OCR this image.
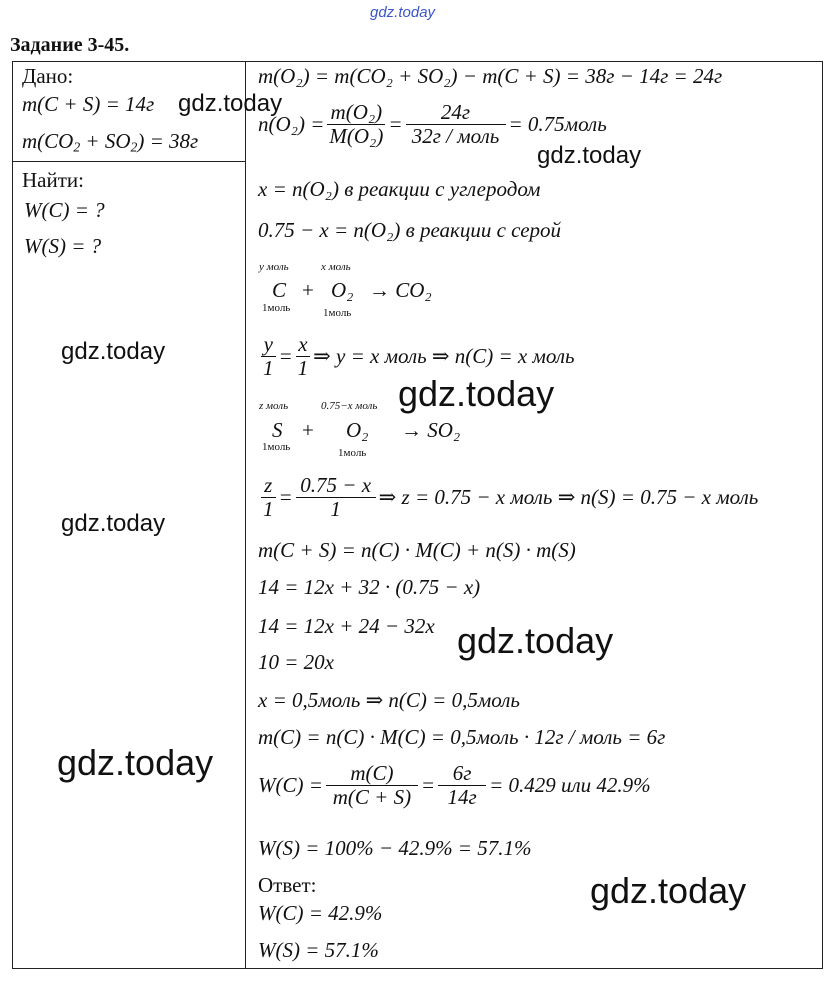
gdz.today
Задание 3-45.
Дано:
m(C + S) = 14г
$m(CO_2 + SO_2) = 38г$
Найти:
W(C) = ?
W(S) = ?
gdz.today
gdz.today
gdz.today
gdz.today
gdz.today
gdz.today
gdz.today
gdz.today
m(O₂) = m(CO₂ + SO₂) − m(C + S) = 38г − 14г = 24г
$n(O_2) = \frac{\text{m(O₂)}}{\text{M(O₂)}} = \frac{24г}{\text{32г / моль}}$ = 0.75моль
x = n(O₂) в реакции с углеродом
0.75 − x = n(O₂) в реакции с серой
y моль	x моль
C + O₂ → CO₂
1моль	1моль
$\frac{y}{1} = \frac{x}{1}$ ⇒ y = x моль ⇒ n(C) = x моль
z моль	0.75−x моль
S + O₂ → SO₂
1моль	1моль
$\frac{z}{1} = \frac{0.75 - x}{1}$ ⇒ z = 0.75 − x моль ⇒ n(S) = 0.75 − x моль
m(C + S) = n(C) · M(C) + n(S) · m(S)
14 = 12x + 32 · (0.75 − x)
14 = 12x + 24 − 32x
10 = 20x
x = 0,5моль ⇒ n(C) = 0,5моль
m(C) = n(C) · M(C) = 0,5моль · 12г / моль = 6г
$W(C) = \frac{m(C)}{m(C + S)} = \frac{6г}{14г} = 0.429$ или 42.9%
W(S) = 100% − 42.9% = 57.1%
Ответ:
W(C) = 42.9%
W(S) = 57.1%
